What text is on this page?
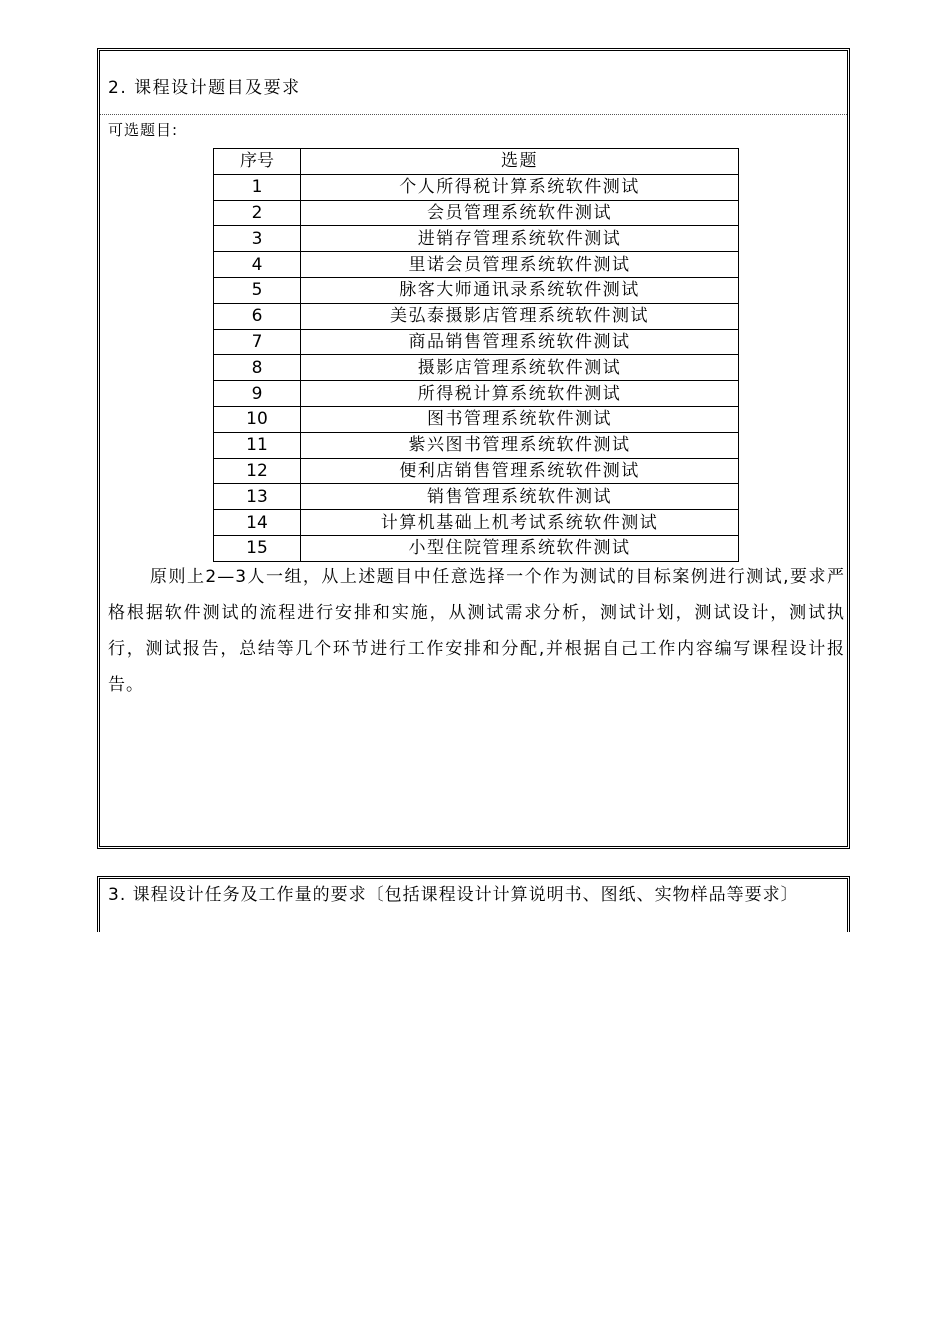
2. 课程设计题目及要求
可选题目:
序号	选题
1	个人所得税计算系统软件测试
2	会员管理系统软件测试
3	进销存管理系统软件测试
4	里诺会员管理系统软件测试
5	脉客大师通讯录系统软件测试
6	美弘泰摄影店管理系统软件测试
7	商品销售管理系统软件测试
8	摄影店管理系统软件测试
9	所得税计算系统软件测试
10	图书管理系统软件测试
11	紫兴图书管理系统软件测试
12	便利店销售管理系统软件测试
13	销售管理系统软件测试
14	计算机基础上机考试系统软件测试
15	小型住院管理系统软件测试
原则上2—3人一组，从上述题目中任意选择一个作为测试的目标案例进行测试,要求严格根据软件测试的流程进行安排和实施，从测试需求分析，测试计划，测试设计，测试执行，测试报告，总结等几个环节进行工作安排和分配,并根据自己工作内容编写课程设计报告。
3. 课程设计任务及工作量的要求〔包括课程设计计算说明书、图纸、实物样品等要求〕
